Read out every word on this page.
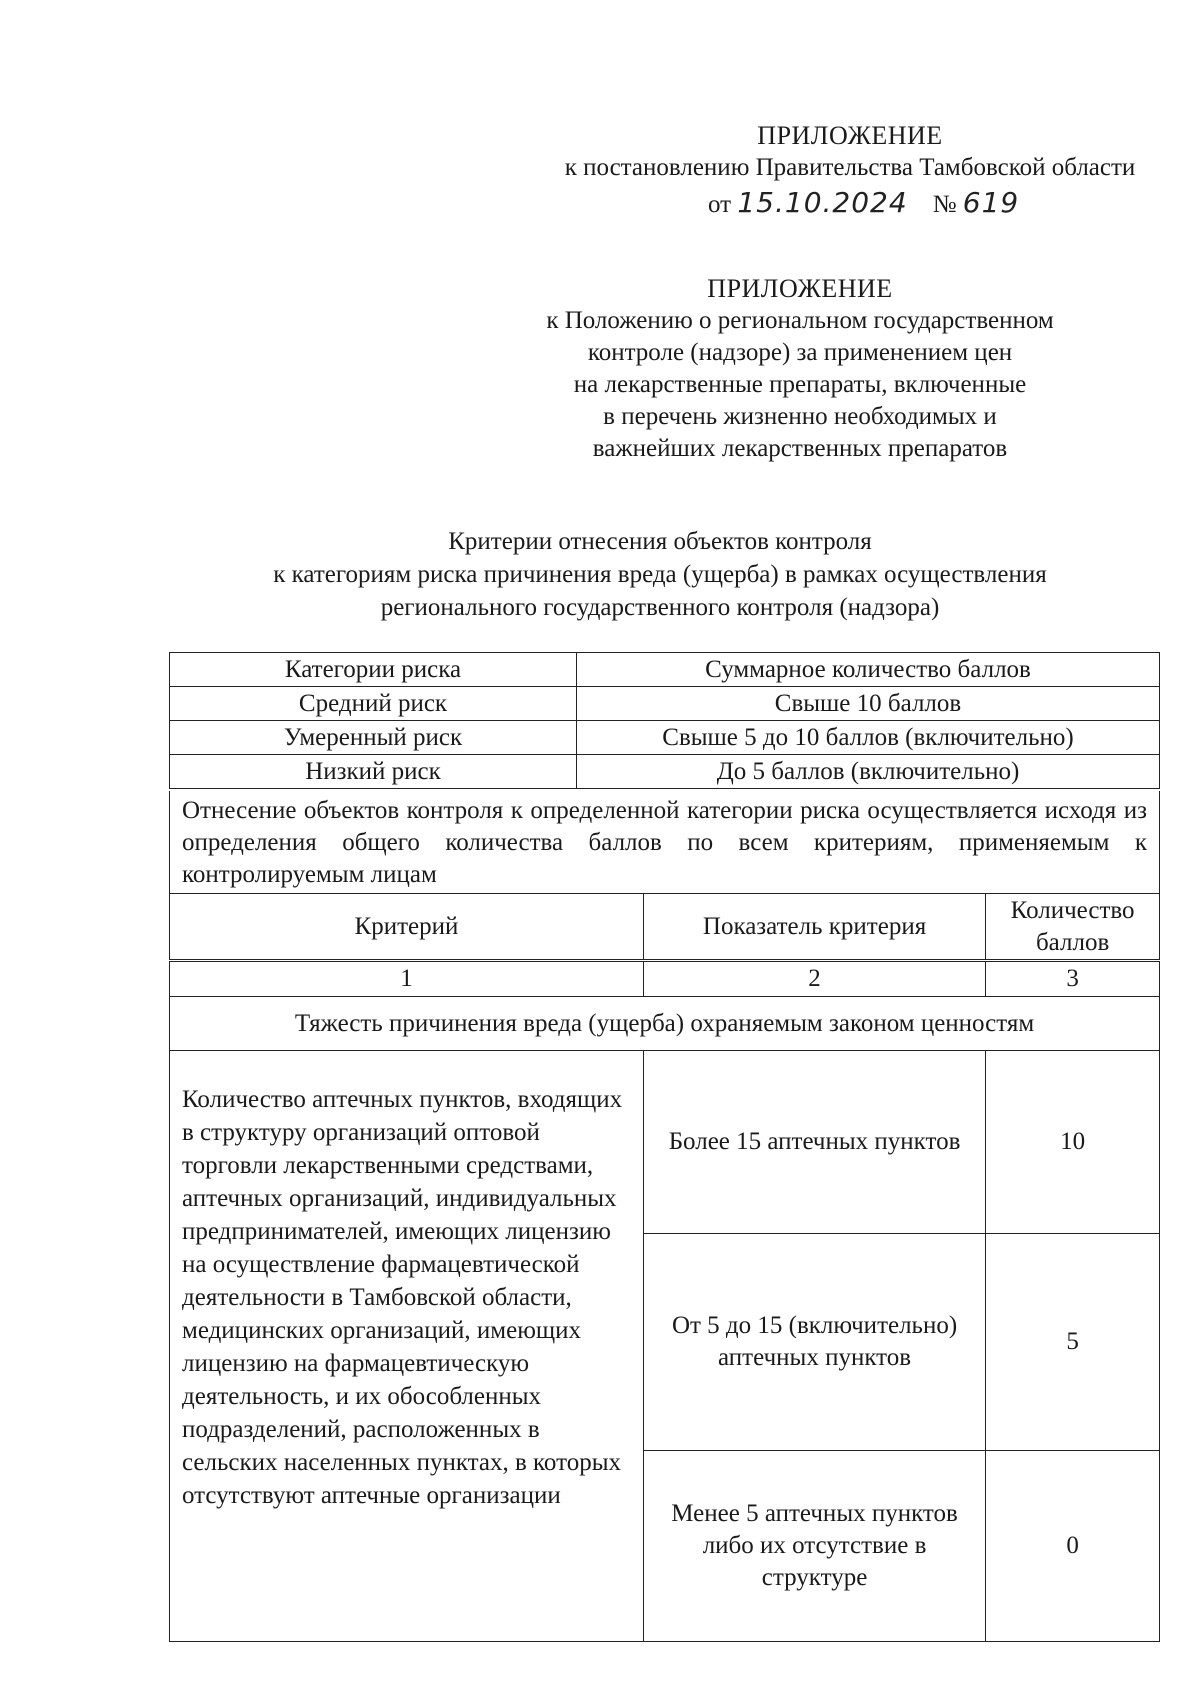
ПРИЛОЖЕНИЕ
к постановлению Правительства Тамбовской области
от 15.10.2024 № 619
ПРИЛОЖЕНИЕ
к Положению о региональном государственном
контроле (надзоре) за применением цен
на лекарственные препараты, включенные
в перечень жизненно необходимых и
важнейших лекарственных препаратов
Критерии отнесения объектов контроля
к категориям риска причинения вреда (ущерба) в рамках осуществления
регионального государственного контроля (надзора)
Категории риска	Суммарное количество баллов
Средний риск	Свыше 10 баллов
Умеренный риск	Свыше 5 до 10 баллов (включительно)
Низкий риск	До 5 баллов (включительно)
Отнесение объектов контроля к определенной категории риска осуществляется исходя из определения общего количества баллов по всем критериям, применяемым к контролируемым лицам
Критерий	Показатель критерия	Количество баллов
1	2	3
Тяжесть причинения вреда (ущерба) охраняемым законом ценностям		
Количество аптечных пунктов, входящих в структуру организаций оптовой торговли лекарственными средствами, аптечных организаций, индивидуальных предпринимателей, имеющих лицензию на осуществление фармацевтической деятельности в Тамбовской области, медицинских организаций, имеющих лицензию на фармацевтическую деятельность, и их обособленных подразделений, расположенных в сельских населенных пунктах, в которых отсутствуют аптечные организации	Более 15 аптечных пунктов	10

	От 5 до 15 (включительно) аптечных пунктов	5

	Менее 5 аптечных пунктов либо их отсутствие в структуре	0
